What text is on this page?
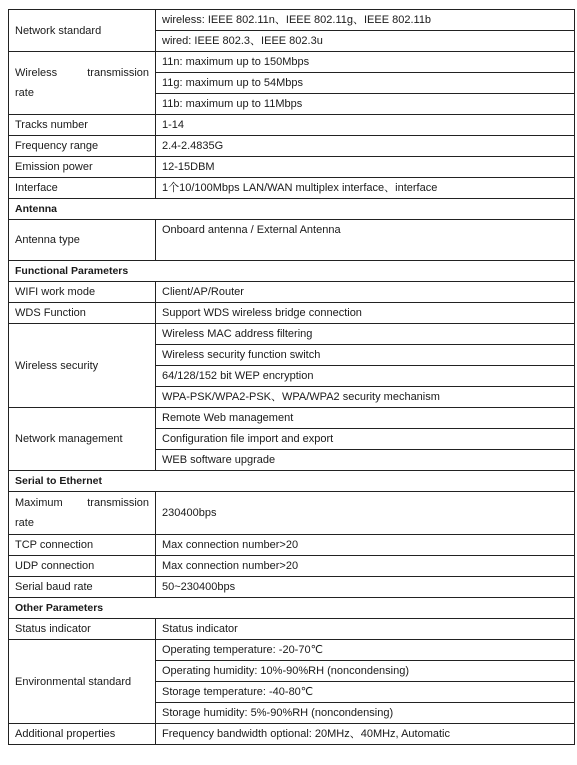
Network standard	wireless: IEEE 802.11n、IEEE 802.11g、IEEE 802.11b
	wired: IEEE 802.3、IEEE 802.3u

Wireless transmission
rate	11n: maximum up to 150Mbps
	11g: maximum up to 54Mbps
	11b: maximum up to 11Mbps
Tracks number	1-14
Frequency range	2.4-2.4835G
Emission power	12-15DBM
Interface	1个10/100Mbps LAN/WAN multiplex interface、interface
Antenna	
Antenna type	Onboard antenna / External Antenna
Functional Parameters	
WIFI work mode	Client/AP/Router
WDS Function	Support WDS wireless bridge connection
Wireless security	Wireless MAC address filtering
	Wireless security function switch
	64/128/152 bit WEP encryption
	WPA-PSK/WPA2-PSK、WPA/WPA2 security mechanism
Network management	Remote Web management
	Configuration file import and export
	WEB software upgrade
Serial to Ethernet	

Maximum transmission
rate	230400bps
TCP connection	Max connection number>20
UDP connection	Max connection number>20
Serial baud rate	50~230400bps
Other Parameters	
Status indicator	Status indicator
Environmental standard	Operating temperature: -20-70℃
	Operating humidity: 10%-90%RH (noncondensing)
	Storage temperature: -40-80℃
	Storage humidity: 5%-90%RH (noncondensing)
Additional properties	Frequency bandwidth optional: 20MHz、40MHz, Automatic
